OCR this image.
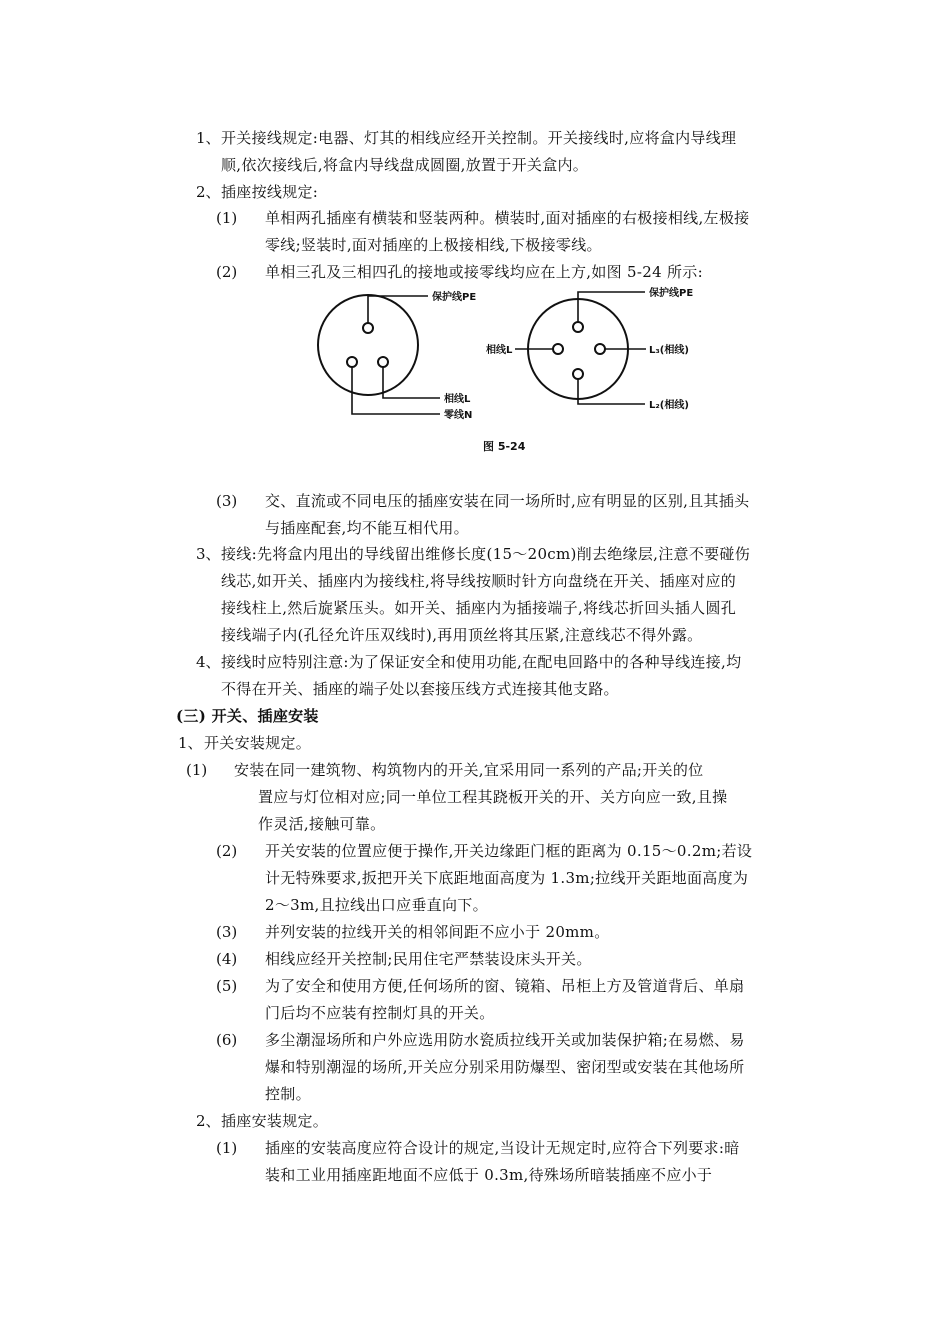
1、 开关接线规定:电器、灯其的相线应经开关控制。开关接线时,应将盒内导线理
顺,依次接线后,将盒内导线盘成圆圈,放置于开关盒内。
2、 插座按线规定:
(1) 单相两孔插座有横装和竖装两种。横装时,面对插座的右极接相线,左极接
零线;竖装时,面对插座的上极接相线,下极接零线。
(2) 单相三孔及三相四孔的接地或接零线均应在上方,如图 5-24 所示:
保护线PE
相线L
零线N
保护线PE
相线L	L₃(相线)
L₂(相线)
图 5-24
(3) 交、直流或不同电压的插座安装在同一场所时,应有明显的区别,且其插头
与插座配套,均不能互相代用。
3、 接线:先将盒内甩出的导线留出维修长度(15～20cm)削去绝缘层,注意不要碰伤
线芯,如开关、插座内为接线柱,将导线按顺时针方向盘绕在开关、插座对应的
接线柱上,然后旋紧压头。如开关、插座内为插接端子,将线芯折回头插人圆孔
接线端子内(孔径允许压双线时),再用顶丝将其压紧,注意线芯不得外露。
4、 接线时应特别注意:为了保证安全和使用功能,在配电回路中的各种导线连接,均
不得在开关、插座的端子处以套接压线方式连接其他支路。
(三) 开关、插座安装
1、 开关安装规定。
(1) 安装在同一建筑物、构筑物内的开关,宜采用同一系列的产品;开关的位
置应与灯位相对应;同一单位工程其跷板开关的开、关方向应一致,且操
作灵活,接触可靠。
(2) 开关安装的位置应便于操作,开关边缘距门框的距离为 0.15～0.2m;若设
计无特殊要求,扳把开关下底距地面高度为 1.3m;拉线开关距地面高度为
2～3m,且拉线出口应垂直向下。
(3) 并列安装的拉线开关的相邻间距不应小于 20mm。
(4) 相线应经开关控制;民用住宅严禁装设床头开关。
(5) 为了安全和使用方便,任何场所的窗、镜箱、吊柜上方及管道背后、单扇
门后均不应装有控制灯具的开关。
(6) 多尘潮湿场所和户外应选用防水瓷质拉线开关或加装保护箱;在易燃、易
爆和特别潮湿的场所,开关应分别采用防爆型、密闭型或安装在其他场所
控制。
2、 插座安装规定。
(1) 插座的安装高度应符合设计的规定,当设计无规定时,应符合下列要求:暗
装和工业用插座距地面不应低于 0.3m,待殊场所暗装插座不应小于
